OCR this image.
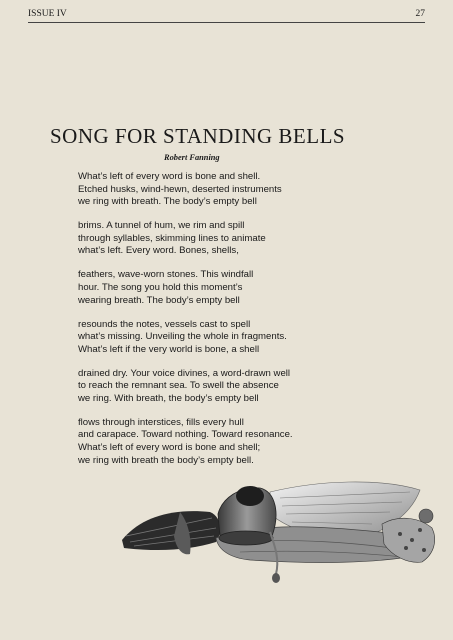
ISSUE IV	27
SONG FOR STANDING BELLS
Robert Fanning
What’s left of every word is bone and shell.
Etched husks, wind-hewn, deserted instruments
we ring with breath. The body’s empty bell
brims. A tunnel of hum, we rim and spill
through syllables, skimming lines to animate
what’s left. Every word. Bones, shells,
feathers, wave-worn stones. This windfall
hour. The song you hold this moment’s
wearing breath. The body’s empty bell
resounds the notes, vessels cast to spell
what’s missing. Unveiling the whole in fragments.
What’s left if the very world is bone, a shell
drained dry. Your voice divines, a word-drawn well
to reach the remnant sea. To swell the absence
we ring. With breath, the body’s empty bell
flows through interstices, fills every hull
and carapace. Toward nothing. Toward resonance.
What’s left of every word is bone and shell;
we ring with breath the body’s empty bell.
